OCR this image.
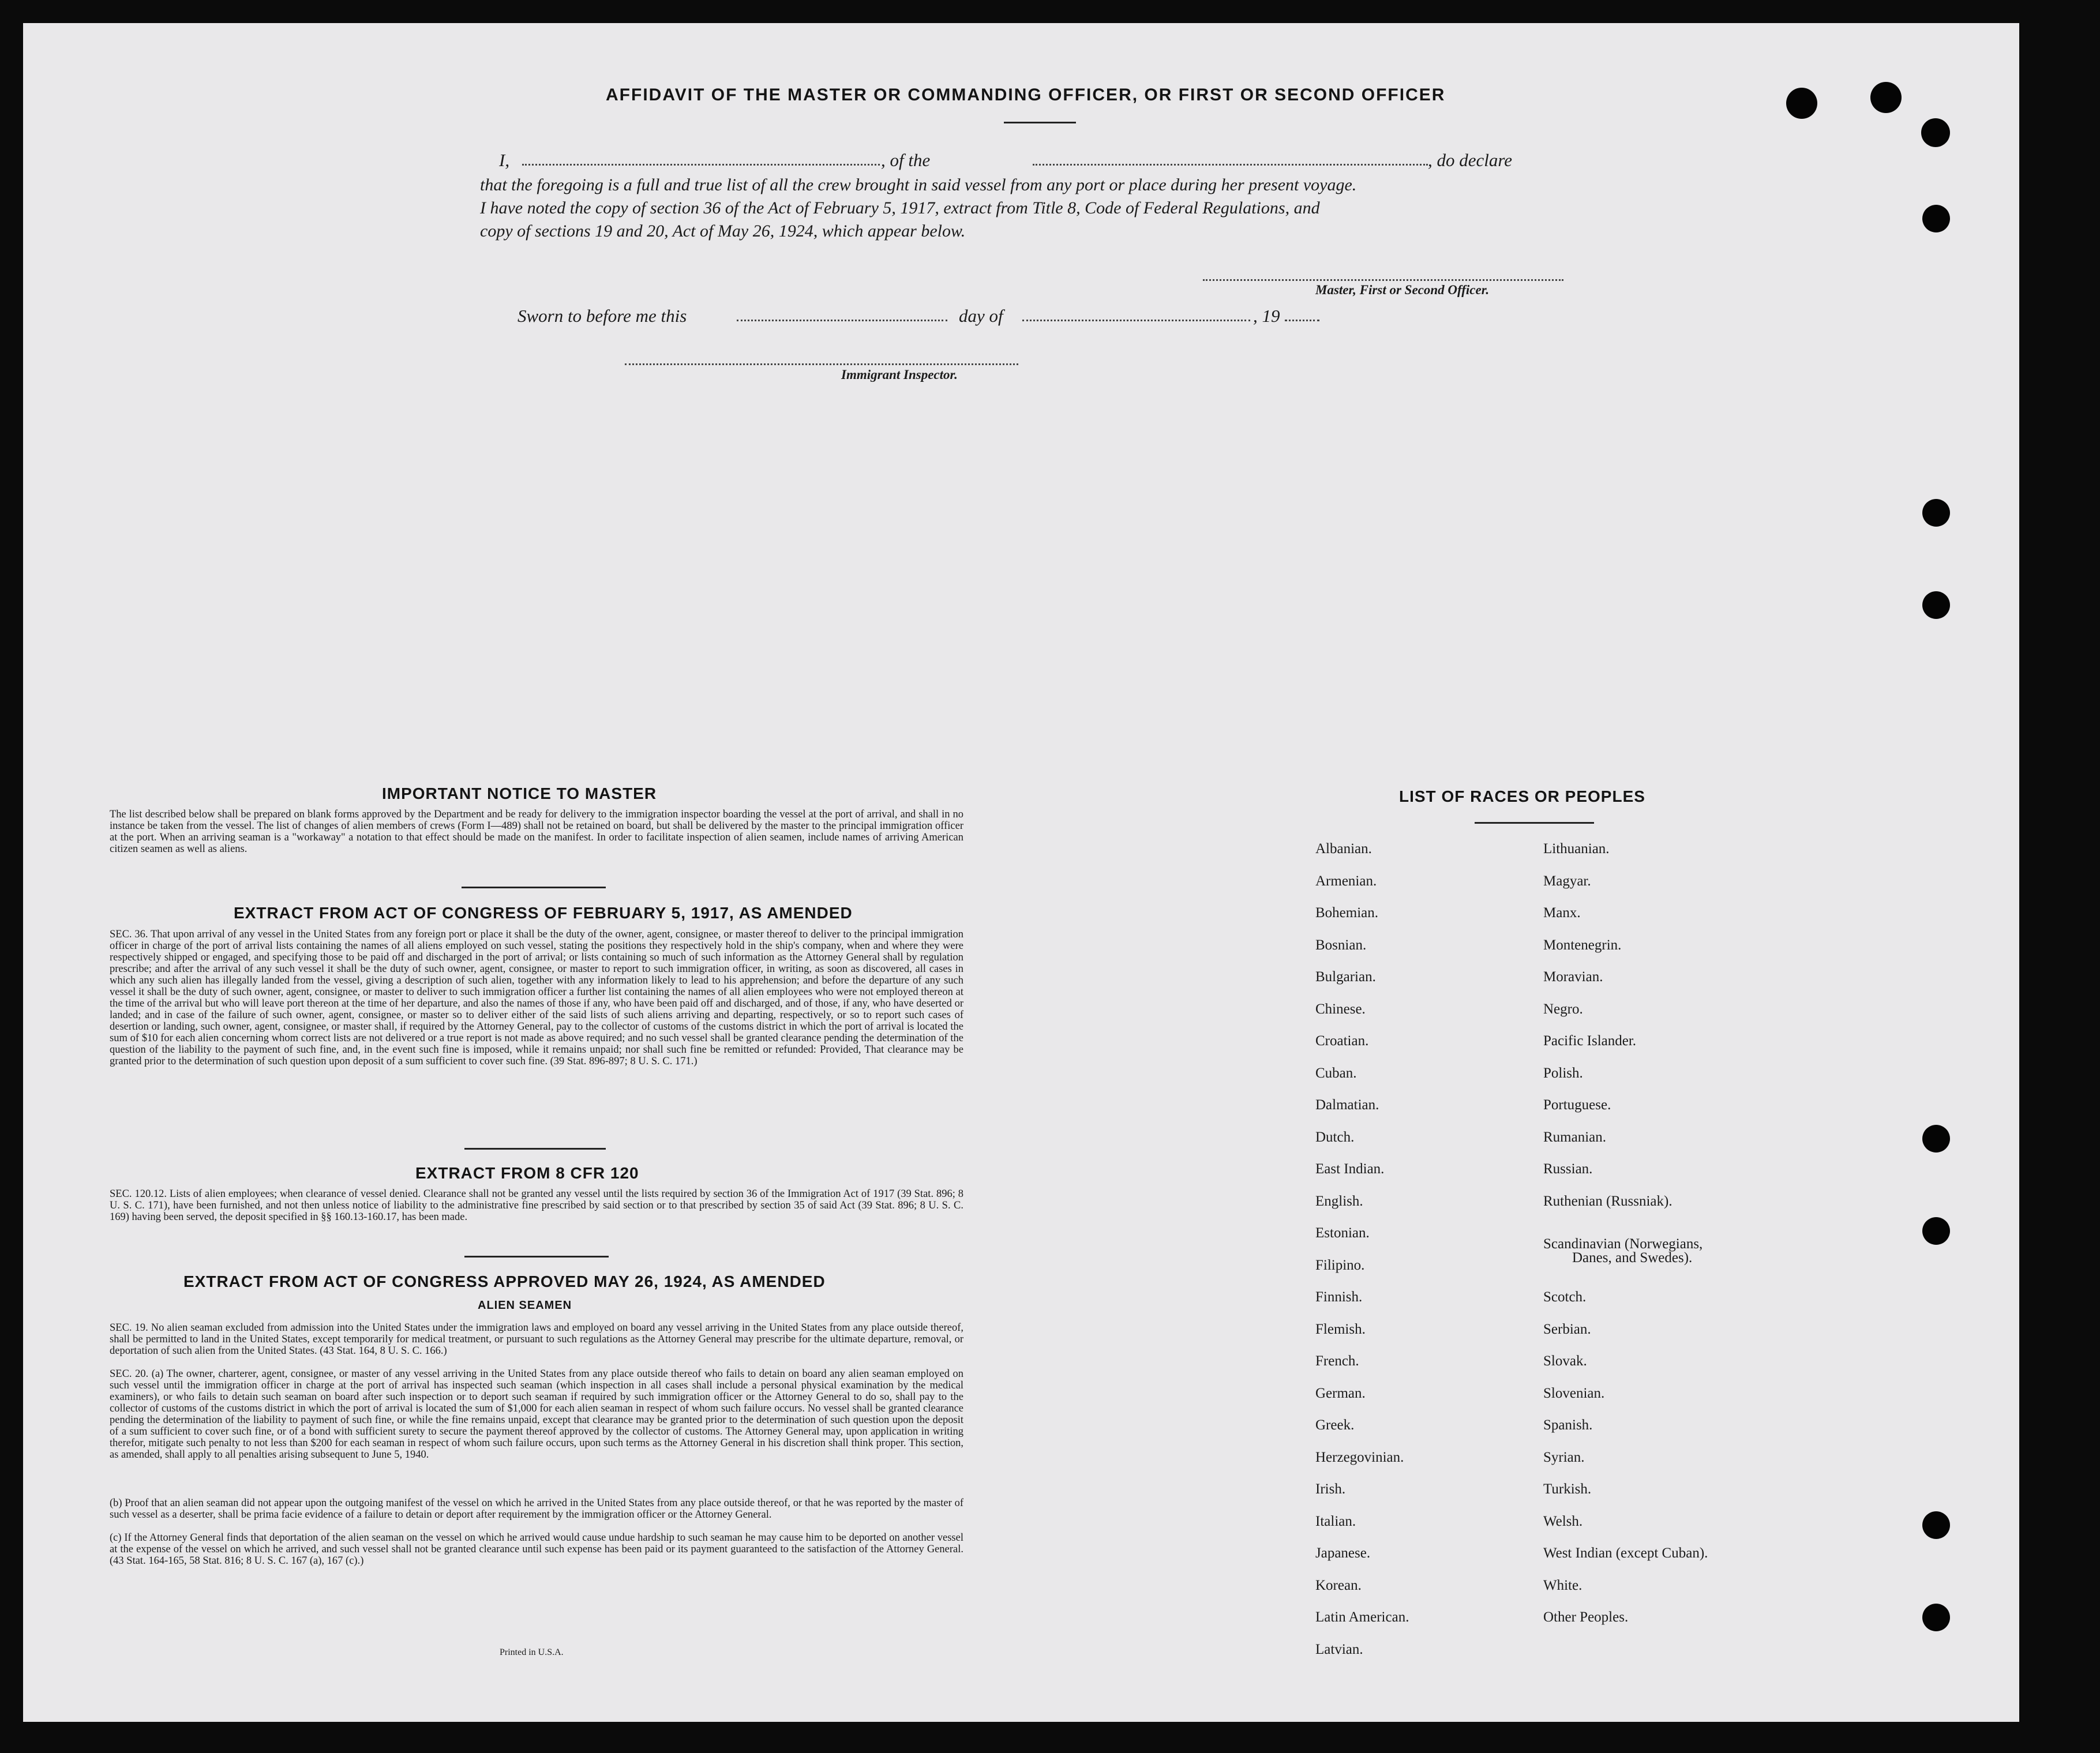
AFFIDAVIT OF THE MASTER OR COMMANDING OFFICER, OR FIRST OR SECOND OFFICER
I,	, of the	, do declare
that the foregoing is a full and true list of all the crew brought in said vessel from any port or place during her present voyage.
I have noted the copy of section 36 of the Act of February 5, 1917, extract from Title 8, Code of Federal Regulations, and
copy of sections 19 and 20, Act of May 26, 1924, which appear below.
Master, First or Second Officer.
Sworn to before me this	day of	, 19
Immigrant Inspector.
IMPORTANT NOTICE TO MASTER
The list described below shall be prepared on blank forms approved by the Department and be ready for delivery to the immigration inspector boarding the vessel at the port of arrival, and shall in no instance be taken from the vessel. The list of changes of alien members of crews (Form I—489) shall not be retained on board, but shall be delivered by the master to the principal immigration officer at the port. When an arriving seaman is a "workaway" a notation to that effect should be made on the manifest. In order to facilitate inspection of alien seamen, include names of arriving American citizen seamen as well as aliens.
EXTRACT FROM ACT OF CONGRESS OF FEBRUARY 5, 1917, AS AMENDED
SEC. 36. That upon arrival of any vessel in the United States from any foreign port or place it shall be the duty of the owner, agent, consignee, or master thereof to deliver to the principal immigration officer in charge of the port of arrival lists containing the names of all aliens employed on such vessel, stating the positions they respectively hold in the ship's company, when and where they were respectively shipped or engaged, and specifying those to be paid off and discharged in the port of arrival; or lists containing so much of such information as the Attorney General shall by regulation prescribe; and after the arrival of any such vessel it shall be the duty of such owner, agent, consignee, or master to report to such immigration officer, in writing, as soon as discovered, all cases in which any such alien has illegally landed from the vessel, giving a description of such alien, together with any information likely to lead to his apprehension; and before the departure of any such vessel it shall be the duty of such owner, agent, consignee, or master to deliver to such immigration officer a further list containing the names of all alien employees who were not employed thereon at the time of the arrival but who will leave port thereon at the time of her departure, and also the names of those if any, who have been paid off and discharged, and of those, if any, who have deserted or landed; and in case of the failure of such owner, agent, consignee, or master so to deliver either of the said lists of such aliens arriving and departing, respectively, or so to report such cases of desertion or landing, such owner, agent, consignee, or master shall, if required by the Attorney General, pay to the collector of customs of the customs district in which the port of arrival is located the sum of $10 for each alien concerning whom correct lists are not delivered or a true report is not made as above required; and no such vessel shall be granted clearance pending the determination of the question of the liability to the payment of such fine, and, in the event such fine is imposed, while it remains unpaid; nor shall such fine be remitted or refunded: Provided, That clearance may be granted prior to the determination of such question upon deposit of a sum sufficient to cover such fine. (39 Stat. 896-897; 8 U. S. C. 171.)
EXTRACT FROM 8 CFR 120
SEC. 120.12. Lists of alien employees; when clearance of vessel denied. Clearance shall not be granted any vessel until the lists required by section 36 of the Immigration Act of 1917 (39 Stat. 896; 8 U. S. C. 171), have been furnished, and not then unless notice of liability to the administrative fine prescribed by said section or to that prescribed by section 35 of said Act (39 Stat. 896; 8 U. S. C. 169) having been served, the deposit specified in §§ 160.13-160.17, has been made.
EXTRACT FROM ACT OF CONGRESS APPROVED MAY 26, 1924, AS AMENDED
ALIEN SEAMEN
SEC. 19. No alien seaman excluded from admission into the United States under the immigration laws and employed on board any vessel arriving in the United States from any place outside thereof, shall be permitted to land in the United States, except temporarily for medical treatment, or pursuant to such regulations as the Attorney General may prescribe for the ultimate departure, removal, or deportation of such alien from the United States. (43 Stat. 164, 8 U. S. C. 166.)
SEC. 20. (a) The owner, charterer, agent, consignee, or master of any vessel arriving in the United States from any place outside thereof who fails to detain on board any alien seaman employed on such vessel until the immigration officer in charge at the port of arrival has inspected such seaman (which inspection in all cases shall include a personal physical examination by the medical examiners), or who fails to detain such seaman on board after such inspection or to deport such seaman if required by such immigration officer or the Attorney General to do so, shall pay to the collector of customs of the customs district in which the port of arrival is located the sum of $1,000 for each alien seaman in respect of whom such failure occurs. No vessel shall be granted clearance pending the determination of the liability to payment of such fine, or while the fine remains unpaid, except that clearance may be granted prior to the determination of such question upon the deposit of a sum sufficient to cover such fine, or of a bond with sufficient surety to secure the payment thereof approved by the collector of customs. The Attorney General may, upon application in writing therefor, mitigate such penalty to not less than $200 for each seaman in respect of whom such failure occurs, upon such terms as the Attorney General in his discretion shall think proper. This section, as amended, shall apply to all penalties arising subsequent to June 5, 1940.
(b) Proof that an alien seaman did not appear upon the outgoing manifest of the vessel on which he arrived in the United States from any place outside thereof, or that he was reported by the master of such vessel as a deserter, shall be prima facie evidence of a failure to detain or deport after requirement by the immigration officer or the Attorney General.
(c) If the Attorney General finds that deportation of the alien seaman on the vessel on which he arrived would cause undue hardship to such seaman he may cause him to be deported on another vessel at the expense of the vessel on which he arrived, and such vessel shall not be granted clearance until such expense has been paid or its payment guaranteed to the satisfaction of the Attorney General. (43 Stat. 164-165, 58 Stat. 816; 8 U. S. C. 167 (a), 167 (c).)
Printed in U.S.A.
LIST OF RACES OR PEOPLES
Albanian.
Armenian.
Bohemian.
Bosnian.
Bulgarian.
Chinese.
Croatian.
Cuban.
Dalmatian.
Dutch.
East Indian.
English.
Estonian.
Filipino.
Finnish.
Flemish.
French.
German.
Greek.
Herzegovinian.
Irish.
Italian.
Japanese.
Korean.
Latin American.
Latvian.
Lithuanian.
Magyar.
Manx.
Montenegrin.
Moravian.
Negro.
Pacific Islander.
Polish.
Portuguese.
Rumanian.
Russian.
Ruthenian (Russniak).
Scandinavian (Norwegians,
Danes, and Swedes).
Scotch.
Serbian.
Slovak.
Slovenian.
Spanish.
Syrian.
Turkish.
Welsh.
West Indian (except Cuban).
White.
Other Peoples.
